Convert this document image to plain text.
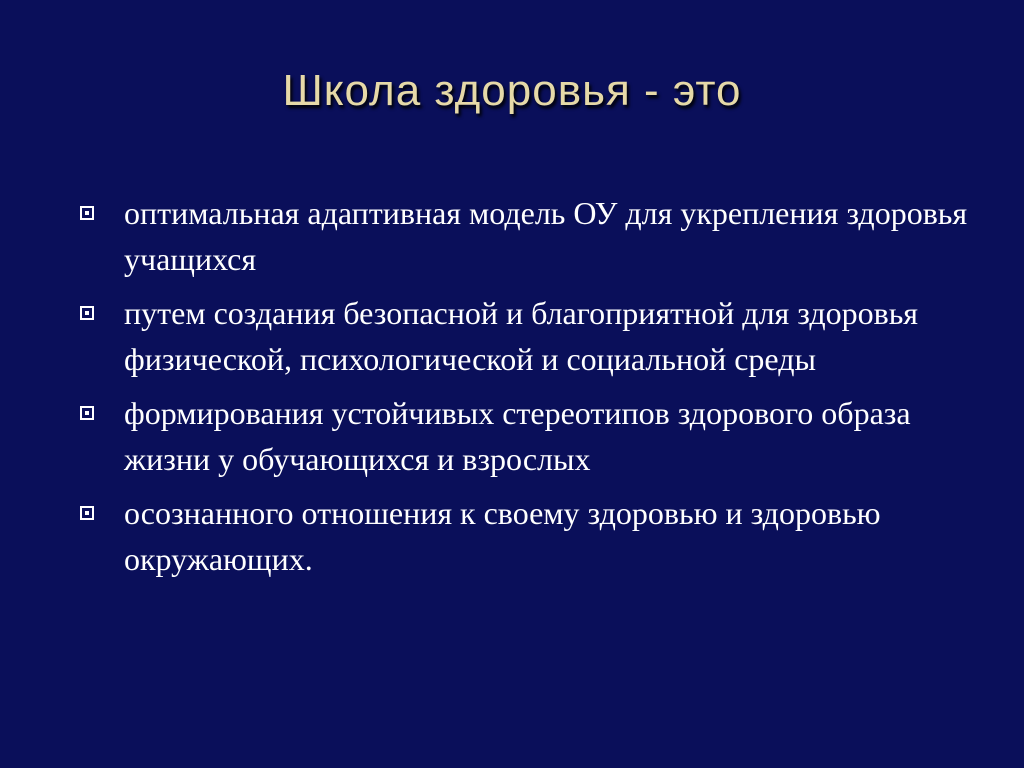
Школа здоровья - это
оптимальная адаптивная модель ОУ для укрепления здоровья учащихся
путем создания безопасной и благоприятной для здоровья физической, психологической и социальной среды
формирования устойчивых стереотипов здорового образа жизни у обучающихся и взрослых
осознанного отношения к своему здоровью и здоровью окружающих.
